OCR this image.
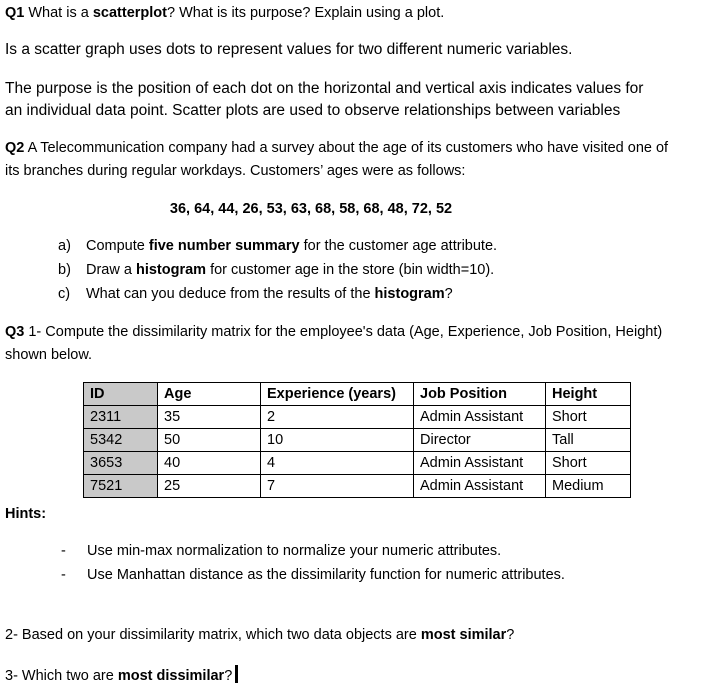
Q1 What is a scatterplot? What is its purpose? Explain using a plot.
Is a scatter graph uses dots to represent values for two different numeric variables.
The purpose is the position of each dot on the horizontal and vertical axis indicates values for
an individual data point. Scatter plots are used to observe relationships between variables
Q2 A Telecommunication company had a survey about the age of its customers who have visited one of
its branches during regular workdays. Customers’ ages were as follows:
36, 64, 44, 26, 53, 63, 68, 58, 68, 48, 72, 52
a) Compute five number summary for the customer age attribute.
b) Draw a histogram for customer age in the store (bin width=10).
c) What can you deduce from the results of the histogram?
Q3 1- Compute the dissimilarity matrix for the employee's data (Age, Experience, Job Position, Height)
shown below.
ID	Age	Experience (years)	Job Position	Height
2311	35	2	Admin Assistant	Short
5342	50	10	Director	Tall
3653	40	4	Admin Assistant	Short
7521	25	7	Admin Assistant	Medium
Hints:
- Use min-max normalization to normalize your numeric attributes.
- Use Manhattan distance as the dissimilarity function for numeric attributes.
2- Based on your dissimilarity matrix, which two data objects are most similar?
3- Which two are most dissimilar?
